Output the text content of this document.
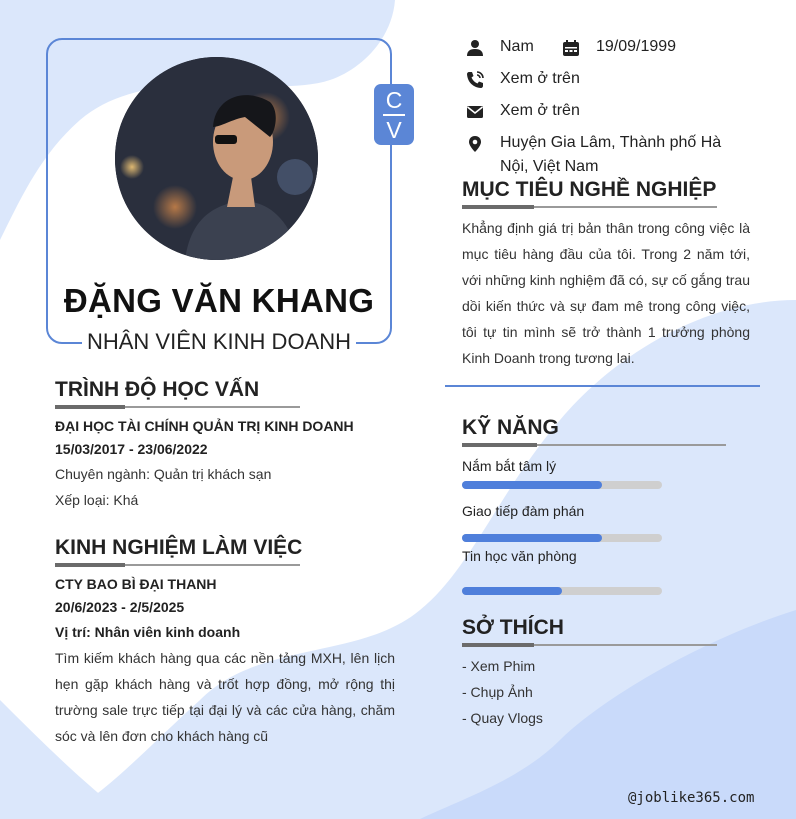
C
V
ĐẶNG VĂN KHANG
NHÂN VIÊN KINH DOANH
Nam	19/09/1999
Xem ở trên
Xem ở trên
Huyện Gia Lâm, Thành phố Hà
Nội, Việt Nam
MỤC TIÊU NGHỀ NGHIỆP
Khẳng định giá trị bản thân trong công việc là mục tiêu hàng đầu của tôi. Trong 2 năm tới, với những kinh nghiệm đã có, sự cố gắng trau dồi kiến thức và sự đam mê trong công việc, tôi tự tin mình sẽ trở thành 1 trưởng phòng Kinh Doanh trong tương lai.
TRÌNH ĐỘ HỌC VẤN
ĐẠI HỌC TÀI CHÍNH QUẢN TRỊ KINH DOANH
15/03/2017 - 23/06/2022
Chuyên ngành: Quản trị khách sạn
Xếp loại: Khá
KINH NGHIỆM LÀM VIỆC
CTY BAO BÌ ĐẠI THANH
20/6/2023 - 2/5/2025
Vị trí: Nhân viên kinh doanh
Tìm kiếm khách hàng qua các nền tảng MXH, lên lịch hẹn gặp khách hàng và trốt hợp đồng, mở rộng thị trường sale trực tiếp tại đại lý và các cửa hàng, chăm sóc và lên đơn cho khách hàng cũ
KỸ NĂNG
Nắm bắt tâm lý
Giao tiếp đàm phán
Tin học văn phòng
SỞ THÍCH
- Xem Phim
- Chụp Ảnh
- Quay Vlogs
@joblike365.com
